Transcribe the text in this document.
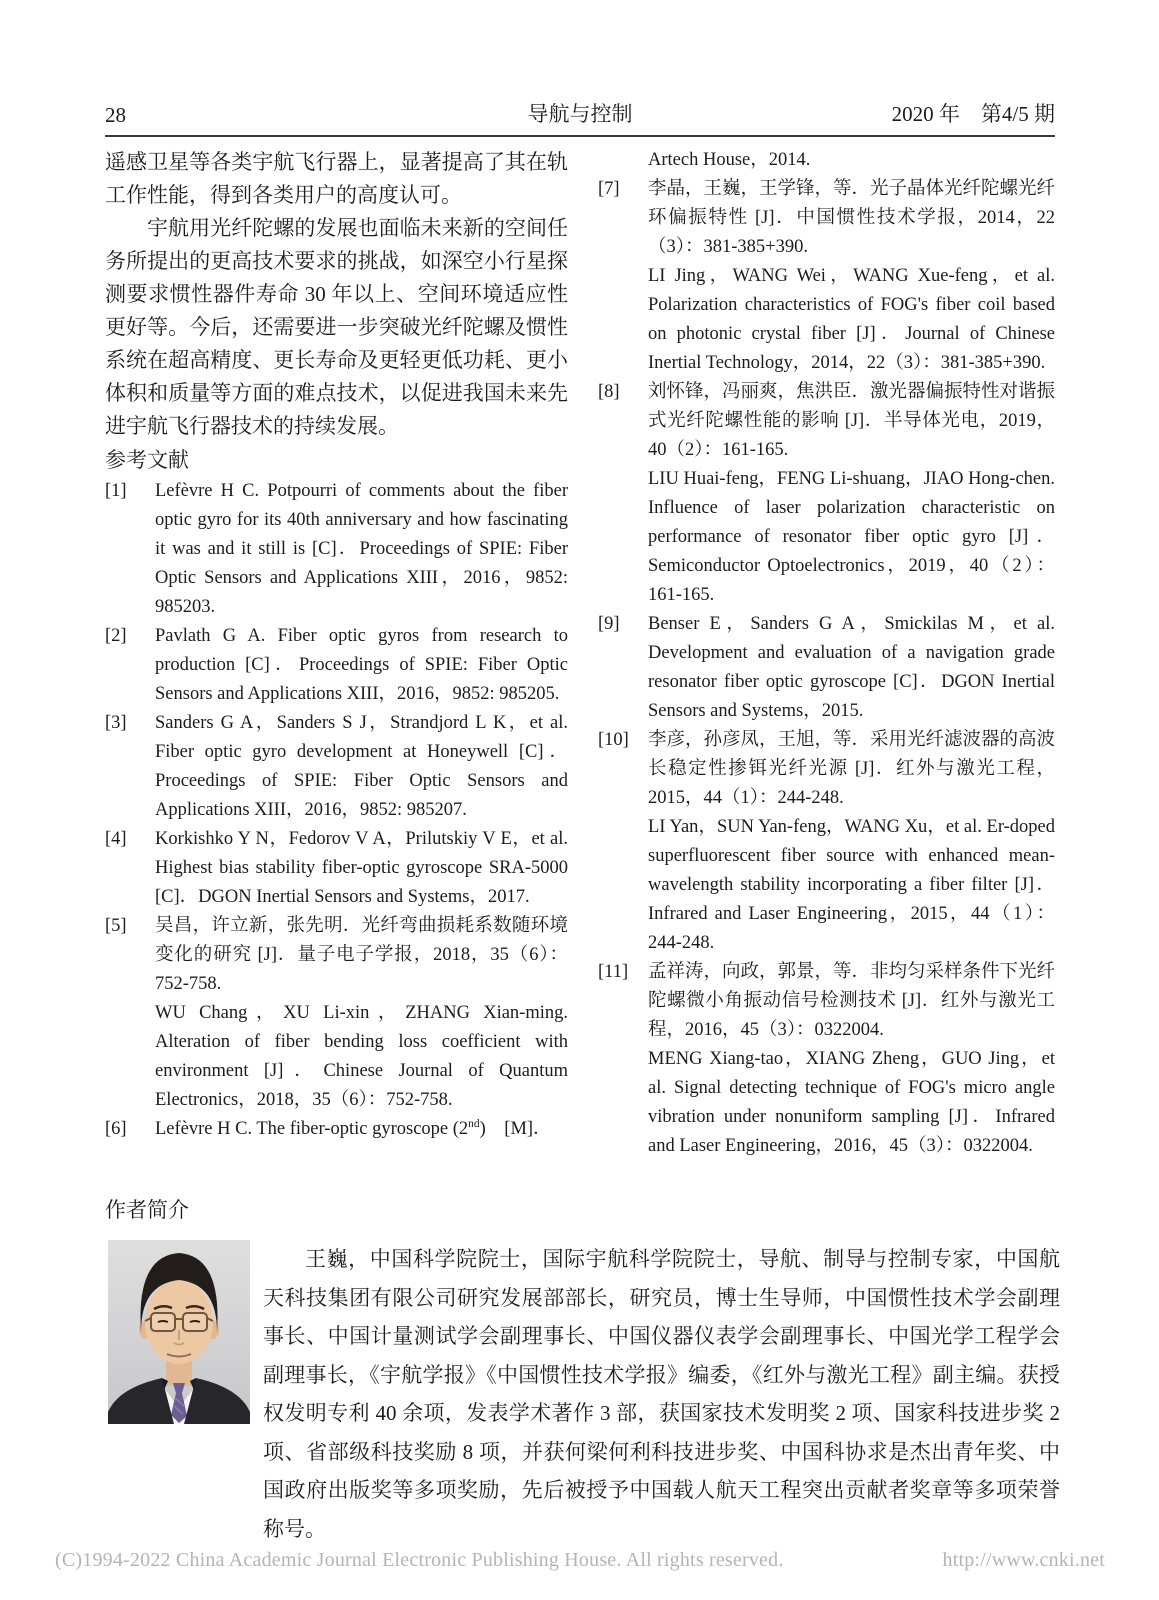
28	导航与控制	2020 年　第4/5 期

遥感卫星等各类宇航飞行器上，显著提高了其在轨工作性能，得到各类用户的高度认可。

宇航用光纤陀螺的发展也面临未来新的空间任务所提出的更高技术要求的挑战，如深空小行星探测要求惯性器件寿命 30 年以上、空间环境适应性更好等。今后，还需要进一步突破光纤陀螺及惯性系统在超高精度、更长寿命及更轻更低功耗、更小体积和质量等方面的难点技术，以促进我国未来先进宇航飞行器技术的持续发展。

参考文献
[1]	Lefèvre H C. Potpourri of comments about the fiber optic gyro for its 40th anniversary and how fascinating it was and it still is [C]．Proceedings of SPIE: Fiber Optic Sensors and Applications XIII，2016，9852: 985203.
[2]	Pavlath G A. Fiber optic gyros from research to production [C]．Proceedings of SPIE: Fiber Optic Sensors and Applications XIII，2016，9852: 985205.
[3]	Sanders G A，Sanders S J，Strandjord L K，et al. Fiber optic gyro development at Honeywell [C]．Proceedings of SPIE: Fiber Optic Sensors and Applications XIII，2016，9852: 985207.
[4]	Korkishko Y N，Fedorov V A，Prilutskiy V E，et al. Highest bias stability fiber-optic gyroscope SRA-5000 [C]．DGON Inertial Sensors and Systems，2017.
[5]	吴昌，许立新，张先明．光纤弯曲损耗系数随环境变化的研究 [J]．量子电子学报，2018，35（6）：752-758.
WU Chang，XU Li-xin，ZHANG Xian-ming. Alteration of fiber bending loss coefficient with environment [J]．Chinese Journal of Quantum Electronics，2018，35（6）：752-758.
[6]	Lefèvre H C. The fiber-optic gyroscope (2nd)　[M]．
Artech House，2014.
[7]	李晶，王巍，王学锋，等．光子晶体光纤陀螺光纤环偏振特性 [J]．中国惯性技术学报，2014，22（3）：381-385+390.
LI Jing，WANG Wei，WANG Xue-feng，et al. Polarization characteristics of FOG's fiber coil based on photonic crystal fiber [J]．Journal of Chinese Inertial Technology，2014，22（3）：381-385+390.
[8]	刘怀锋，冯丽爽，焦洪臣．激光器偏振特性对谐振式光纤陀螺性能的影响 [J]．半导体光电，2019，40（2）：161-165.
LIU Huai-feng，FENG Li-shuang，JIAO Hong-chen. Influence of laser polarization characteristic on performance of resonator fiber optic gyro [J]．Semiconductor Optoelectronics，2019，40（2）：161-165.
[9]	Benser E，Sanders G A，Smickilas M，et al. Development and evaluation of a navigation grade resonator fiber optic gyroscope [C]．DGON Inertial Sensors and Systems，2015.
[10]	李彦，孙彦凤，王旭，等．采用光纤滤波器的高波长稳定性掺铒光纤光源 [J]．红外与激光工程，2015，44（1）：244-248.
LI Yan，SUN Yan-feng，WANG Xu，et al. Er-doped superfluorescent fiber source with enhanced mean-wavelength stability incorporating a fiber filter [J]．Infrared and Laser Engineering，2015，44（1）：244-248.
[11]	孟祥涛，向政，郭景，等．非均匀采样条件下光纤陀螺微小角振动信号检测技术 [J]．红外与激光工程，2016，45（3）：0322004.
MENG Xiang-tao，XIANG Zheng，GUO Jing，et al. Signal detecting technique of FOG's micro angle vibration under nonuniform sampling [J]．Infrared and Laser Engineering，2016，45（3）：0322004.
作者简介

王巍，中国科学院院士，国际宇航科学院院士，导航、制导与控制专家，中国航天科技集团有限公司研究发展部部长，研究员，博士生导师，中国惯性技术学会副理事长、中国计量测试学会副理事长、中国仪器仪表学会副理事长、中国光学工程学会副理事长，《宇航学报》《中国惯性技术学报》编委，《红外与激光工程》副主编。获授权发明专利 40 余项，发表学术著作 3 部，获国家技术发明奖 2 项、国家科技进步奖 2 项、省部级科技奖励 8 项，并获何梁何利科技进步奖、中国科协求是杰出青年奖、中国政府出版奖等多项奖励，先后被授予中国载人航天工程突出贡献者奖章等多项荣誉称号。

(C)1994-2022 China Academic Journal Electronic Publishing House. All rights reserved.	http://www.cnki.net
